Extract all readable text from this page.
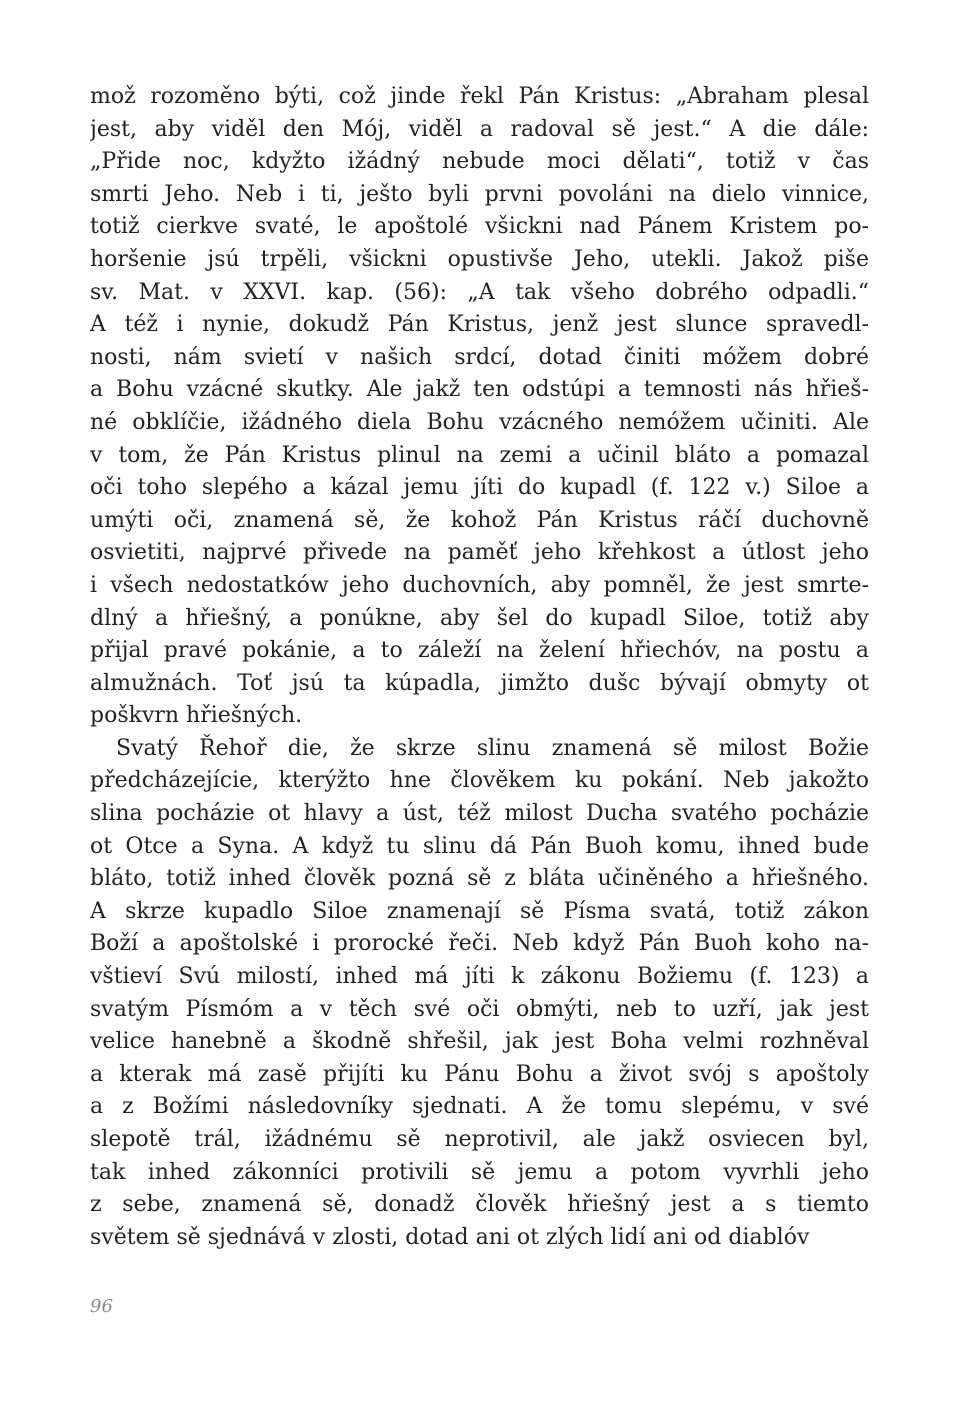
mož rozoměno býti, což jinde řekl Pán Kristus: „Abraham plesal
jest, aby viděl den Mój, viděl a radoval sě jest.“ A die dále:
„Přide noc, kdyžto ižádný nebude moci dělati“, totiž v čas
smrti Jeho. Neb i ti, ješto byli prvni povoláni na dielo vinnice,
totiž cierkve svaté, le apoštolé všickni nad Pánem Kristem po-
horšenie jsú trpěli, všickni opustivše Jeho, utekli. Jakož piše
sv. Mat. v XXVI. kap. (56): „A tak všeho dobrého odpadli.“
A též i nynie, dokudž Pán Kristus, jenž jest slunce spravedl-
nosti, nám svietí v našich srdcí, dotad činiti móžem dobré
a Bohu vzácné skutky. Ale jakž ten odstúpi a temnosti nás hřieš-
né obklíčie, ižádného diela Bohu vzácného nemóžem učiniti. Ale
v tom, že Pán Kristus plinul na zemi a učinil bláto a pomazal
oči toho slepého a kázal jemu jíti do kupadl (f. 122 v.) Siloe a
umýti oči, znamená sě, že kohož Pán Kristus ráčí duchovně
osvietiti, najprvé přivede na paměť jeho křehkost a útlost jeho
i všech nedostatków jeho duchovních, aby pomněl, že jest smrte-
dlný a hřiešný, a ponúkne, aby šel do kupadl Siloe, totiž aby
přijal pravé pokánie, a to záleží na želení hřiechóv, na postu a
almužnách. Toť jsú ta kúpadla, jimžto dušc bývají obmyty ot
poškvrn hřiešných.
Svatý Řehoř die, že skrze slinu znamená sě milost Božie
předcházejície, kterýžto hne člověkem ku pokání. Neb jakožto
slina pocházie ot hlavy a úst, též milost Ducha svatého pocházie
ot Otce a Syna. A když tu slinu dá Pán Buoh komu, ihned bude
bláto, totiž inhed člověk pozná sě z bláta učiněného a hřiešného.
A skrze kupadlo Siloe znamenají sě Písma svatá, totiž zákon
Boží a apoštolské i prorocké řeči. Neb když Pán Buoh koho na-
vštieví Svú milostí, inhed má jíti k zákonu Božiemu (f. 123) a
svatým Písmóm a v těch své oči obmýti, neb to uzří, jak jest
velice hanebně a škodně shřešil, jak jest Boha velmi rozhněval
a kterak má zasě přijíti ku Pánu Bohu a život svój s apoštoly
a z Božími následovníky sjednati. A že tomu slepému, v své
slepotě trál, ižádnému sě neprotivil, ale jakž osviecen byl,
tak inhed zákonníci protivili sě jemu a potom vyvrhli jeho
z sebe, znamená sě, donadž člověk hřiešný jest a s tiemto
světem sě sjednává v zlosti, dotad ani ot zlých lidí ani od diablóv
96
